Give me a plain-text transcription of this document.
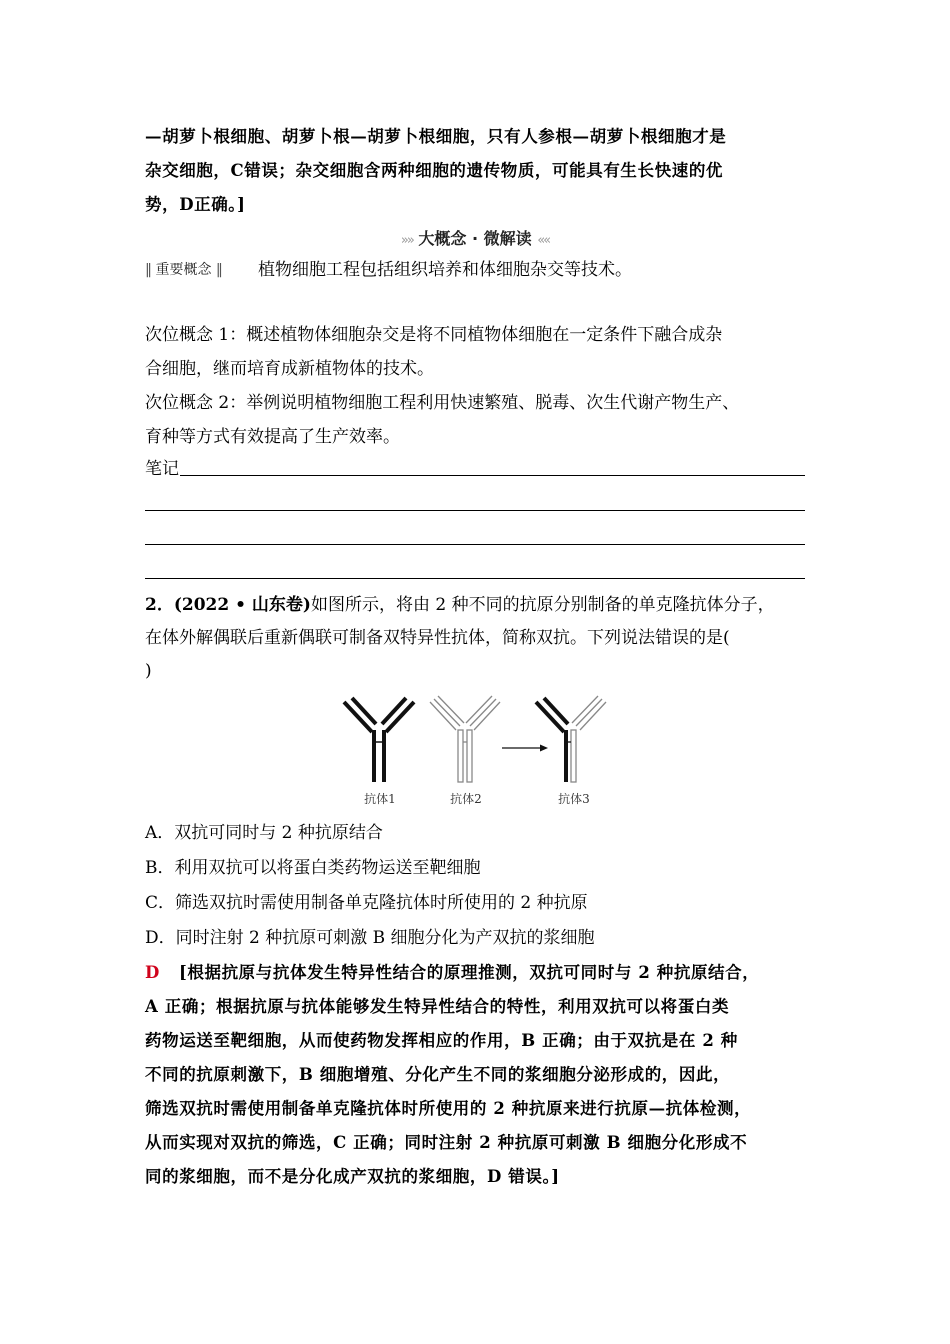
—胡萝卜根细胞、胡萝卜根—胡萝卜根细胞，只有人参根—胡萝卜根细胞才是
杂交细胞，C错误；杂交细胞含两种细胞的遗传物质，可能具有生长快速的优
势，D正确。]
»» 大概念 · 微解读 ««
‖ 重要概念 ‖ 植物细胞工程包括组织培养和体细胞杂交等技术。
次位概念 1：概述植物体细胞杂交是将不同植物体细胞在一定条件下融合成杂
合细胞，继而培育成新植物体的技术。
次位概念 2：举例说明植物细胞工程利用快速繁殖、脱毒、次生代谢产物生产、
育种等方式有效提高了生产效率。
笔记
2．(2022 • 山东卷)如图所示，将由 2 种不同的抗原分别制备的单克隆抗体分子，
在体外解偶联后重新偶联可制备双特异性抗体，简称双抗。下列说法错误的是(
)
抗体1	抗体2	抗体3
A．双抗可同时与 2 种抗原结合
B．利用双抗可以将蛋白类药物运送至靶细胞
C．筛选双抗时需使用制备单克隆抗体时所使用的 2 种抗原
D．同时注射 2 种抗原可刺激 B 细胞分化为产双抗的浆细胞
D [根据抗原与抗体发生特异性结合的原理推测，双抗可同时与 2 种抗原结合，
A 正确；根据抗原与抗体能够发生特异性结合的特性，利用双抗可以将蛋白类
药物运送至靶细胞，从而使药物发挥相应的作用，B 正确；由于双抗是在 2 种
不同的抗原刺激下，B 细胞增殖、分化产生不同的浆细胞分泌形成的，因此，
筛选双抗时需使用制备单克隆抗体时所使用的 2 种抗原来进行抗原—抗体检测，
从而实现对双抗的筛选，C 正确；同时注射 2 种抗原可刺激 B 细胞分化形成不
同的浆细胞，而不是分化成产双抗的浆细胞，D 错误。]
